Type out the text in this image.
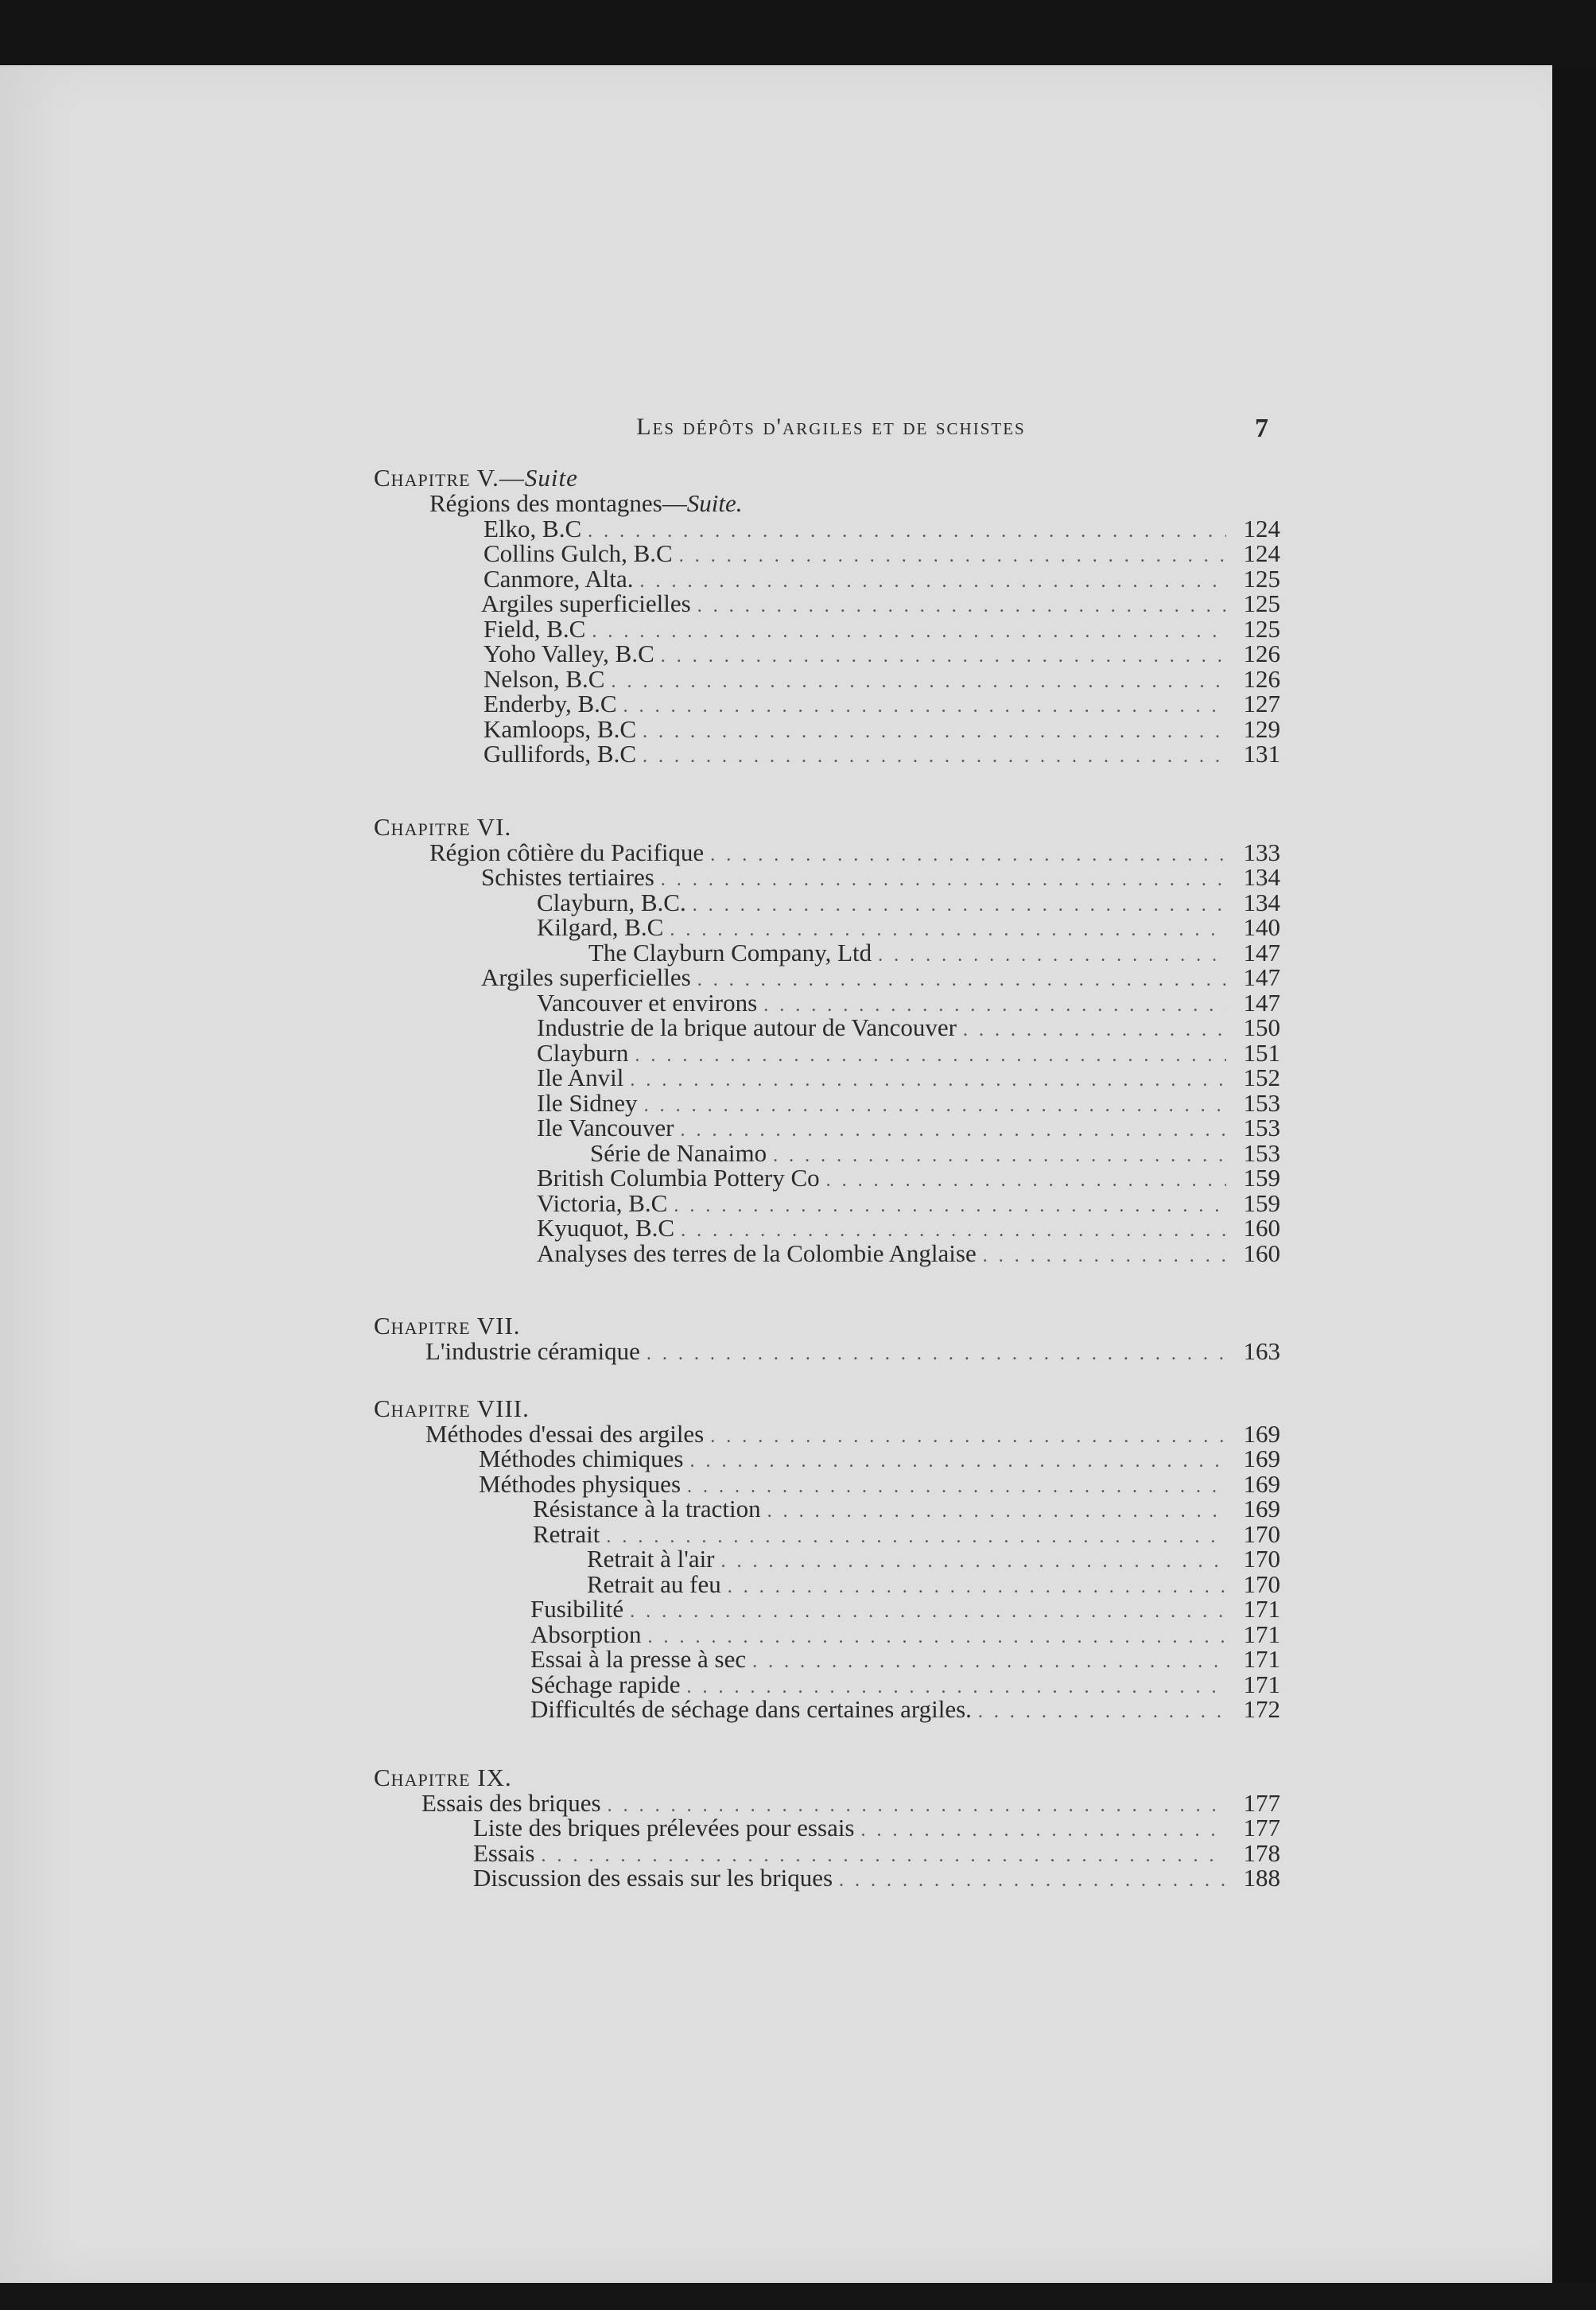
Les dépôts d'argiles et de schistes	7
Chapitre V.—Suite
Régions des montagnes—Suite.
Elko, B.C . . .	124
Collins Gulch, B.C . . .	124
Canmore, Alta. . . .	125
Argiles superficielles . . .	125
Field, B.C . . .	125
Yoho Valley, B.C . . .	126
Nelson, B.C . . .	126
Enderby, B.C . . .	127
Kamloops, B.C . . .	129
Gullifords, B.C . . .	131
Chapitre VI.
Région côtière du Pacifique . . .	133
Schistes tertiaires . . .	134
Clayburn, B.C. . . .	134
Kilgard, B.C . . .	140
The Clayburn Company, Ltd . . .	147
Argiles superficielles . . .	147
Vancouver et environs . . .	147
Industrie de la brique autour de Vancouver . . .	150
Clayburn . . .	151
Ile Anvil . . .	152
Ile Sidney . . .	153
Ile Vancouver . . .	153
Série de Nanaimo . . .	153
British Columbia Pottery Co . . .	159
Victoria, B.C . . .	159
Kyuquot, B.C . . .	160
Analyses des terres de la Colombie Anglaise . . .	160
Chapitre VII.
L'industrie céramique . . .	163
Chapitre VIII.
Méthodes d'essai des argiles . . .	169
Méthodes chimiques . . .	169
Méthodes physiques . . .	169
Résistance à la traction . . .	169
Retrait . . .	170
Retrait à l'air . . .	170
Retrait au feu . . .	170
Fusibilité . . .	171
Absorption . . .	171
Essai à la presse à sec . . .	171
Séchage rapide . . .	171
Difficultés de séchage dans certaines argiles. . . .	172
Chapitre IX.
Essais des briques . . .	177
Liste des briques prélevées pour essais . . .	177
Essais . . .	178
Discussion des essais sur les briques . . .	188
